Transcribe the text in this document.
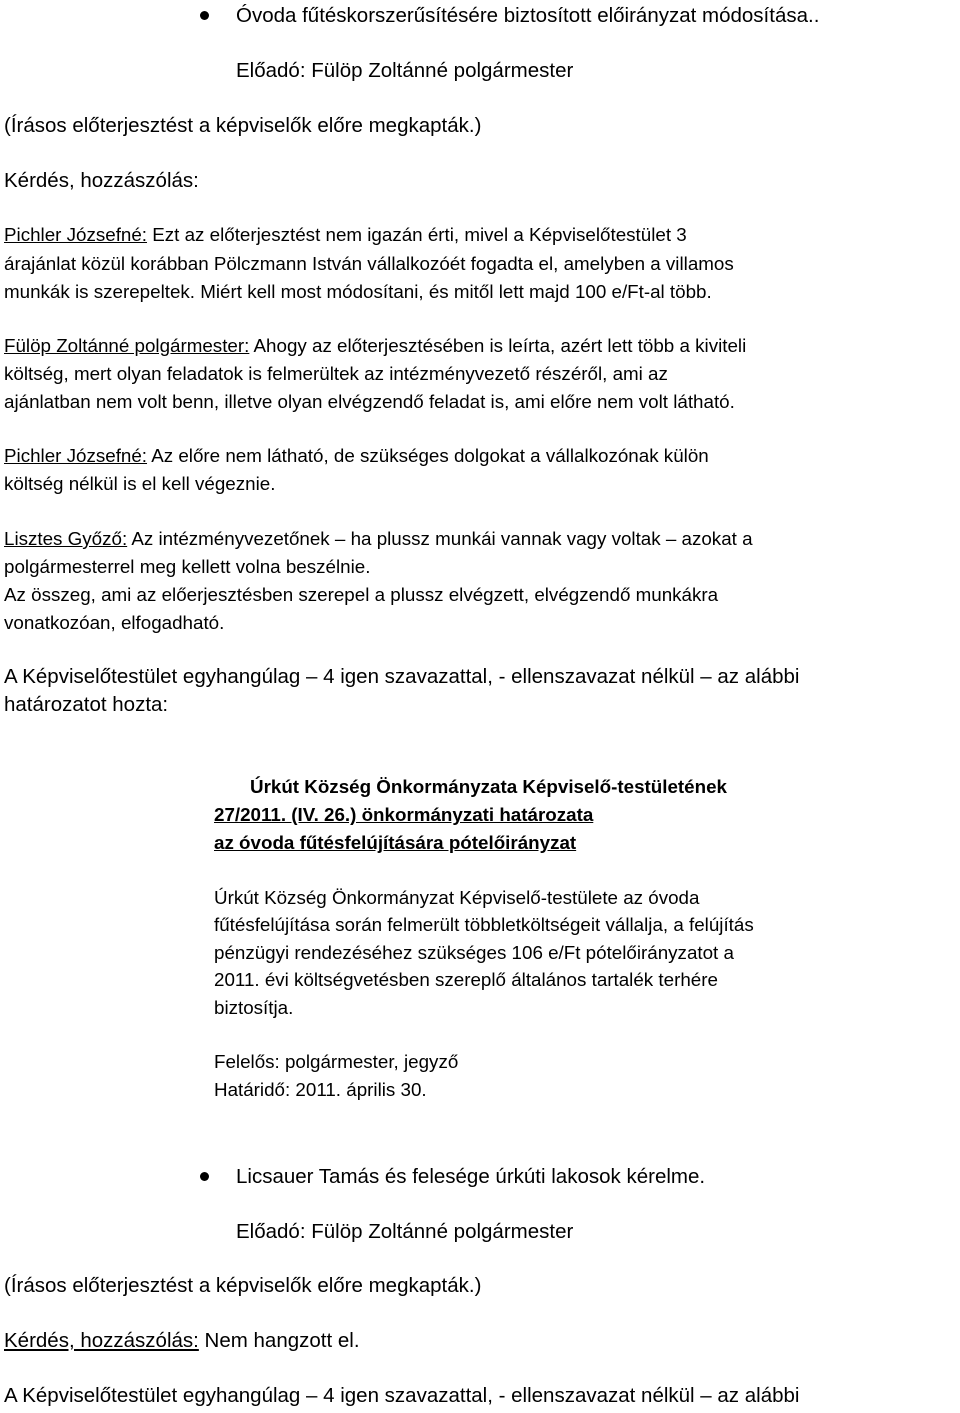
Óvoda fűtéskorszerűsítésére biztosított előirányzat módosítása..
Előadó: Fülöp Zoltánné polgármester
(Írásos előterjesztést a képviselők előre megkapták.)
Kérdés, hozzászólás:
Pichler Józsefné: Ezt az előterjesztést nem igazán érti, mivel a Képviselőtestület 3
árajánlat közül korábban Pölczmann István vállalkozóét fogadta el, amelyben a villamos
munkák is szerepeltek. Miért kell most módosítani, és mitől lett majd 100 e/Ft-al több.
Fülöp Zoltánné polgármester: Ahogy az előterjesztésében is leírta, azért lett több a kiviteli
költség, mert olyan feladatok is felmerültek az intézményvezető részéről, ami az
ajánlatban nem volt benn, illetve olyan elvégzendő feladat is, ami előre nem volt látható.
Pichler Józsefné: Az előre nem látható, de szükséges dolgokat a vállalkozónak külön
költség nélkül is el kell végeznie.
Lisztes Győző: Az intézményvezetőnek – ha plussz munkái vannak vagy voltak – azokat a
polgármesterrel meg kellett volna beszélnie.
Az összeg, ami az előerjesztésben szerepel a plussz elvégzett, elvégzendő munkákra
vonatkozóan, elfogadható.
A Képviselőtestület egyhangúlag – 4 igen szavazattal, - ellenszavazat nélkül – az alábbi
határozatot hozta:
Úrkút Község Önkormányzata Képviselő-testületének
27/2011. (IV. 26.) önkormányzati határozata
az óvoda fűtésfelújítására pótelőirányzat
Úrkút Község Önkormányzat Képviselő-testülete az óvoda
fűtésfelújítása során felmerült többletköltségeit vállalja, a felújítás
pénzügyi rendezéséhez szükséges 106 e/Ft pótelőirányzatot a
2011. évi költségvetésben szereplő általános tartalék terhére
biztosítja.
Felelős: polgármester, jegyző
Határidő: 2011. április 30.
Licsauer Tamás és felesége úrkúti lakosok kérelme.
Előadó: Fülöp Zoltánné polgármester
(Írásos előterjesztést a képviselők előre megkapták.)
Kérdés, hozzászólás: Nem hangzott el.
A Képviselőtestület egyhangúlag – 4 igen szavazattal, - ellenszavazat nélkül – az alábbi
